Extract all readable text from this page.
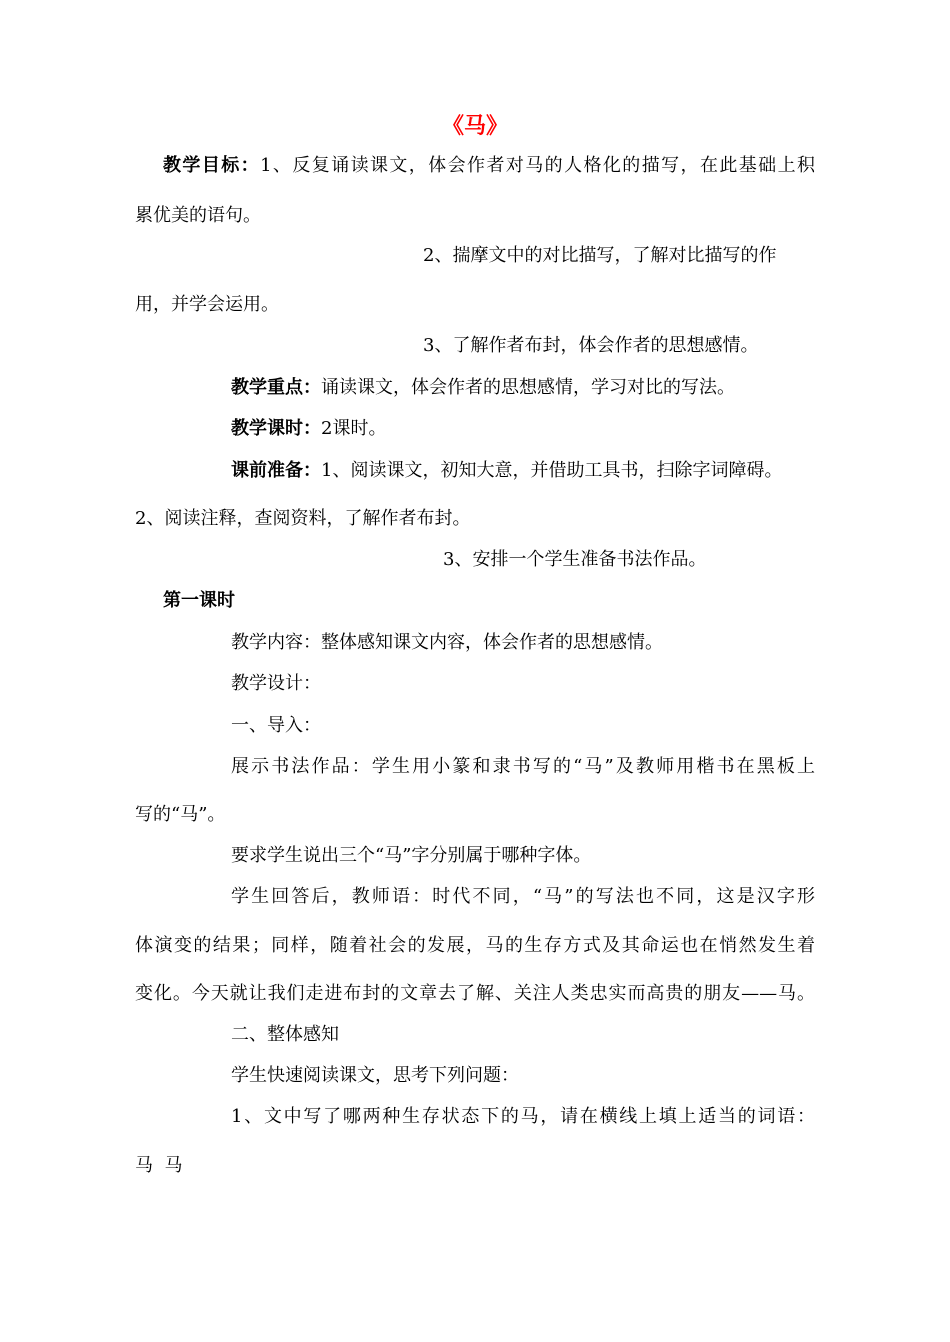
《马》
教学目标：1、反复诵读课文，体会作者对马的人格化的描写，在此基础上积
累优美的语句。
2、揣摩文中的对比描写，了解对比描写的作
用，并学会运用。
3、了解作者布封，体会作者的思想感情。
教学重点：诵读课文，体会作者的思想感情，学习对比的写法。
教学课时：2课时。
课前准备：1、阅读课文，初知大意，并借助工具书，扫除字词障碍。
2、阅读注释，查阅资料，了解作者布封。
3、安排一个学生准备书法作品。
第一课时
教学内容：整体感知课文内容，体会作者的思想感情。
教学设计：
一、导入：
展示书法作品：学生用小篆和隶书写的“马”及教师用楷书在黑板上
写的“马”。
要求学生说出三个“马”字分别属于哪种字体。
学生回答后，教师语：时代不同，“马”的写法也不同，这是汉字形
体演变的结果；同样，随着社会的发展，马的生存方式及其命运也在悄然发生着
变化。今天就让我们走进布封的文章去了解、关注人类忠实而高贵的朋友——马。
二、整体感知
学生快速阅读课文，思考下列问题：
1、文中写了哪两种生存状态下的马，请在横线上填上适当的词语：
马  马
